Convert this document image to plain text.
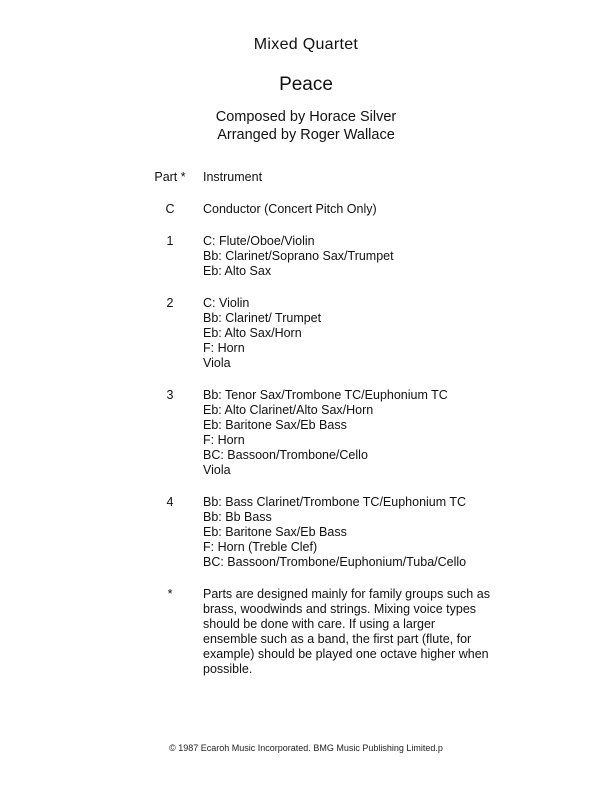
Mixed Quartet
Peace
Composed by Horace Silver
Arranged by Roger Wallace
Part *	Instrument
C	Conductor (Concert Pitch Only)
1	C: Flute/Oboe/Violin
Bb: Clarinet/Soprano Sax/Trumpet
Eb: Alto Sax
2	C: Violin
Bb: Clarinet/ Trumpet
Eb: Alto Sax/Horn
F: Horn
Viola
3	Bb: Tenor Sax/Trombone TC/Euphonium TC
Eb: Alto Clarinet/Alto Sax/Horn
Eb: Baritone Sax/Eb Bass
F: Horn
BC: Bassoon/Trombone/Cello
Viola
4	Bb: Bass Clarinet/Trombone TC/Euphonium TC
Bb: Bb Bass
Eb: Baritone Sax/Eb Bass
F: Horn (Treble Clef)
BC: Bassoon/Trombone/Euphonium/Tuba/Cello
*	Parts are designed mainly for family groups such as
brass, woodwinds and strings. Mixing voice types
should be done with care. If using a larger
ensemble such as a band, the first part (flute, for
example) should be played one octave higher when
possible.
© 1987 Ecaroh Music Incorporated. BMG Music Publishing Limited.p
